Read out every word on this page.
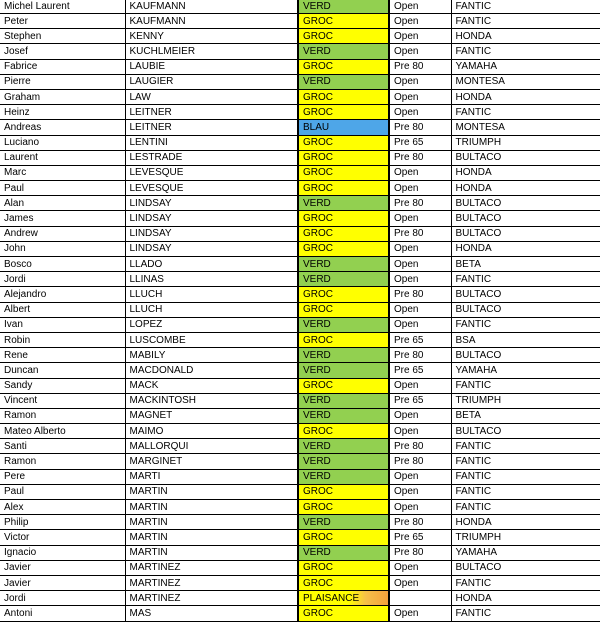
Michel Laurent	KAUFMANN	VERD	Open	FANTIC
Peter	KAUFMANN	GROC	Open	FANTIC
Stephen	KENNY	GROC	Open	HONDA
Josef	KUCHLMEIER	VERD	Open	FANTIC
Fabrice	LAUBIE	GROC	Pre 80	YAMAHA
Pierre	LAUGIER	VERD	Open	MONTESA
Graham	LAW	GROC	Open	HONDA
Heinz	LEITNER	GROC	Open	FANTIC
Andreas	LEITNER	BLAU	Pre 80	MONTESA
Luciano	LENTINI	GROC	Pre 65	TRIUMPH
Laurent	LESTRADE	GROC	Pre 80	BULTACO
Marc	LEVESQUE	GROC	Open	HONDA
Paul	LEVESQUE	GROC	Open	HONDA
Alan	LINDSAY	VERD	Pre 80	BULTACO
James	LINDSAY	GROC	Open	BULTACO
Andrew	LINDSAY	GROC	Pre 80	BULTACO
John	LINDSAY	GROC	Open	HONDA
Bosco	LLADO	VERD	Open	BETA
Jordi	LLINAS	VERD	Open	FANTIC
Alejandro	LLUCH	GROC	Pre 80	BULTACO
Albert	LLUCH	GROC	Open	BULTACO
Ivan	LOPEZ	VERD	Open	FANTIC
Robin	LUSCOMBE	GROC	Pre 65	BSA
Rene	MABILY	VERD	Pre 80	BULTACO
Duncan	MACDONALD	VERD	Pre 65	YAMAHA
Sandy	MACK	GROC	Open	FANTIC
Vincent	MACKINTOSH	VERD	Pre 65	TRIUMPH
Ramon	MAGNET	VERD	Open	BETA
Mateo Alberto	MAIMO	GROC	Open	BULTACO
Santi	MALLORQUI	VERD	Pre 80	FANTIC
Ramon	MARGINET	VERD	Pre 80	FANTIC
Pere	MARTI	VERD	Open	FANTIC
Paul	MARTIN	GROC	Open	FANTIC
Alex	MARTIN	GROC	Open	FANTIC
Philip	MARTIN	VERD	Pre 80	HONDA
Victor	MARTIN	GROC	Pre 65	TRIUMPH
Ignacio	MARTIN	VERD	Pre 80	YAMAHA
Javier	MARTINEZ	GROC	Open	BULTACO
Javier	MARTINEZ	GROC	Open	FANTIC
Jordi	MARTINEZ	PLAISANCE		HONDA
Antoni	MAS	GROC	Open	FANTIC
